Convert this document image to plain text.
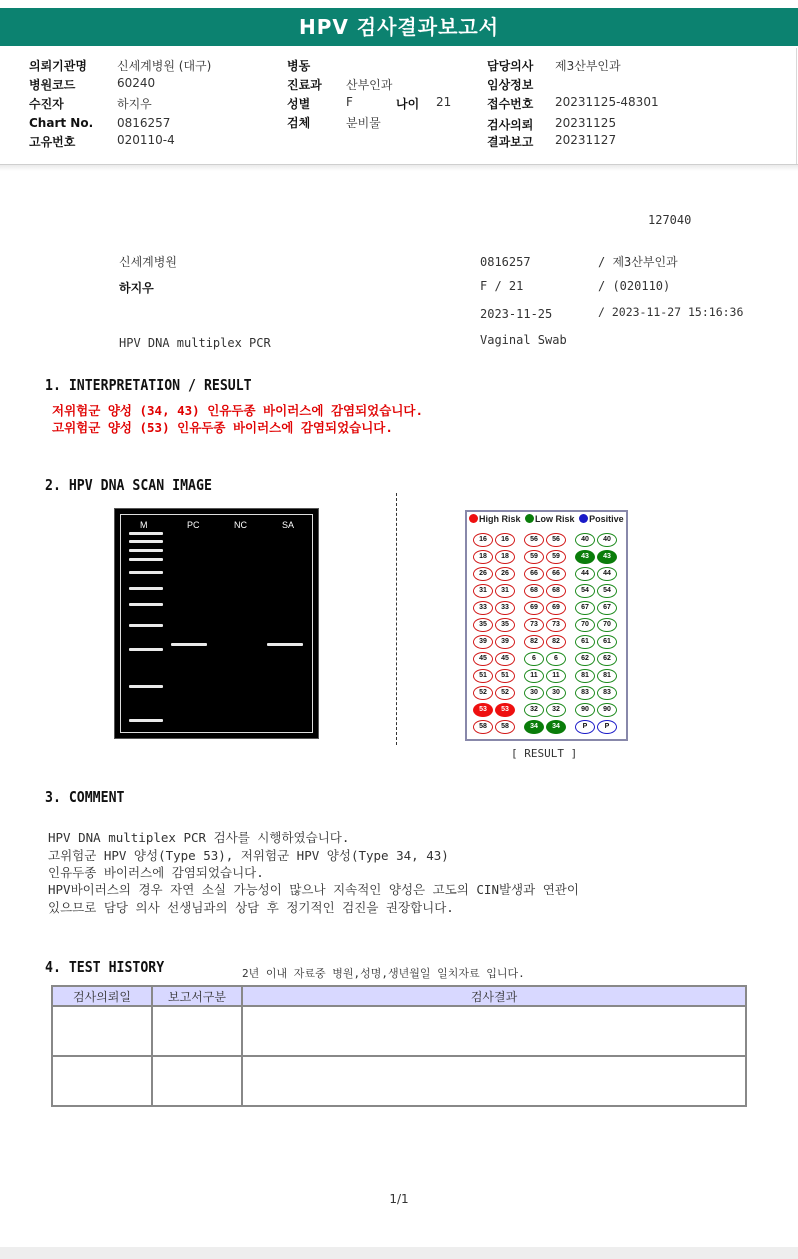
HPV 검사결과보고서
의뢰기관명	신세계병원 (대구)
병원코드	60240
수진자	하지우
Chart No. 0816257
고유번호	020110-4
병동
진료과 산부인과
성별	F	나이 21
검체	분비물
담당의사 제3산부인과
임상정보
접수번호 20231125-48301
검사의뢰 20231125
결과보고 20231127
127040
신세계병원
하지우
HPV DNA multiplex PCR
0816257	/ 제3산부인과
F / 21	/ (020110)
2023-11-25	/ 2023-11-27 15:16:36
Vaginal Swab
1. INTERPRETATION / RESULT
저위험군 양성 (34, 43) 인유두종 바이러스에 감염되었습니다.
고위험군 양성 (53) 인유두종 바이러스에 감염되었습니다.
2. HPV DNA SCAN IMAGE
M	PC	NC	SA
High Risk Low Risk Positive
16	16
18	18
26	26
31	31
33	33
35	35
39	39
45	45
51	51
52	52
53	53
58	58
56	56
59	59
66	66
68	68
69	69
73	73
82	82
6	6
11	11
30	30
32	32
34	34
40	40
43	43
44	44
54	54
67	67
70	70
61	61
62	62
81	81
83	83
90	90
P	P
[ RESULT ]
3. COMMENT
HPV DNA multiplex PCR 검사를 시행하였습니다.
고위험군 HPV 양성(Type 53), 저위험군 HPV 양성(Type 34, 43)
인유두종 바이러스에 감염되었습니다.
HPV바이러스의 경우 자연 소실 가능성이 많으나 지속적인 양성은 고도의 CIN발생과 연관이
있으므로 담당 의사 선생님과의 상담 후 정기적인 검진을 권장합니다.
4. TEST HISTORY	2년 이내 자료중 병원,성명,생년월일 일치자료 입니다.
검사의뢰일	보고서구분	검사결과

1/1
